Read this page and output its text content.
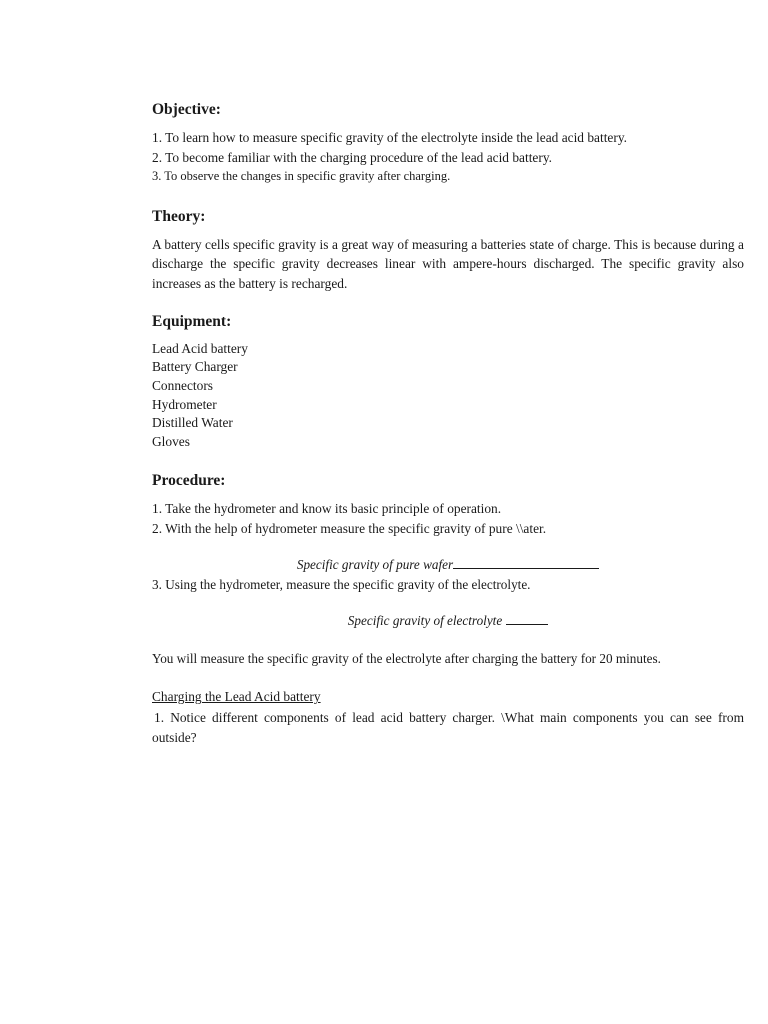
Objective:
1. To learn how to measure specific gravity of the electrolyte inside the lead acid battery.
2. To become familiar with the charging procedure of the lead acid battery.
3. To observe the changes in specific gravity after charging.
Theory:

A battery cells specific gravity is a great way of measuring a batteries state of charge. This is because during a discharge the specific gravity decreases linear with ampere-hours discharged. The specific gravity also increases as the battery is recharged.

Equipment:
Lead Acid battery
Battery Charger
Connectors
Hydrometer
Distilled Water
Gloves
Procedure:
1. Take the hydrometer and know its basic principle of operation.
2. With the help of hydrometer measure the specific gravity of pure \\ater.
Specific gravity of pure wafer
3. Using the hydrometer, measure the specific gravity of the electrolyte.
Specific gravity of electrolyte
You will measure the specific gravity of the electrolyte after charging the battery for 20 minutes.
Charging the Lead Acid battery
1. Notice different components of lead acid battery charger. \What main components you can see from outside?
